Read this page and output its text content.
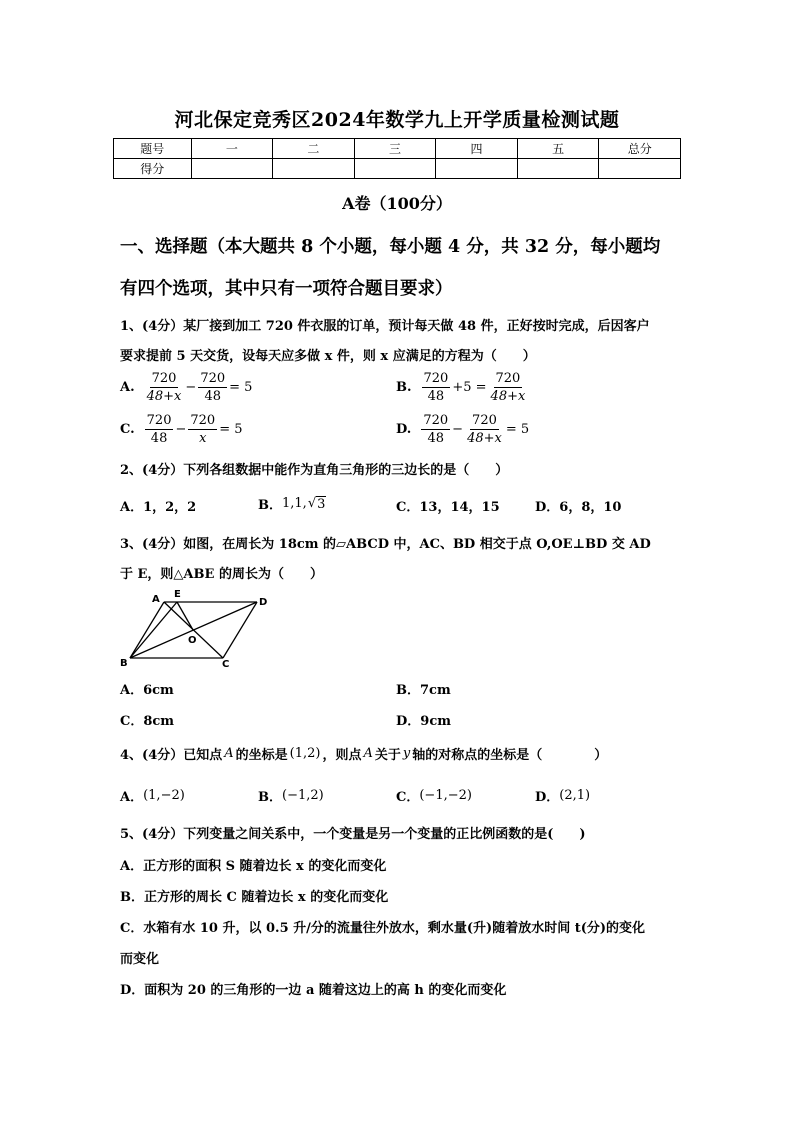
河北保定竞秀区2024年数学九上开学质量检测试题
题号	一	二	三	四	五	总分
得分						
A卷（100分）
一、选择题（本大题共 8 个小题，每小题 4 分，共 32 分，每小题均
有四个选项，其中只有一项符合题目要求）
1、(4分）某厂接到加工 720 件衣服的订单，预计每天做 48 件，正好按时完成，后因客户
要求提前 5 天交货，设每天应多做 x 件，则 x 应满足的方程为（　　）
A. $\frac{720}{48+x} - \frac{720}{48} = 5$	B. $\frac{720}{48} +5 = \frac{720}{48+x}$
C. $\frac{720}{48} - \frac{720}{x} = 5$	D. $\frac{720}{48} - \frac{720}{48+x} = 5$
2、(4分）下列各组数据中能作为直角三角形的三边长的是（　　）
A．1，2，2	B． 1,1, √ 3	C．13，14，15	D．6，8，10
3、(4分）如图，在周长为 18cm 的▱ABCD 中，AC、BD 相交于点 O,OE⊥BD 交 AD
于 E，则△ABE 的周长为（　　）
A E
D
O
B	C
A．6cm	B．7cm
C．8cm	D．9cm
4、(4分）已知点 A 的坐标是 (1,2) ，则点 A 关于 y 轴的对称点的坐标是（　　　　）
A． (1,−2)	B． (−1,2)	C． (−1,−2)	D． (2,1)
5、(4分）下列变量之间关系中，一个变量是另一个变量的正比例函数的是(　　)
A．正方形的面积 S 随着边长 x 的变化而变化
B．正方形的周长 C 随着边长 x 的变化而变化
C．水箱有水 10 升，以 0.5 升/分的流量往外放水，剩水量(升)随着放水时间 t(分)的变化
而变化
D．面积为 20 的三角形的一边 a 随着这边上的高 h 的变化而变化
